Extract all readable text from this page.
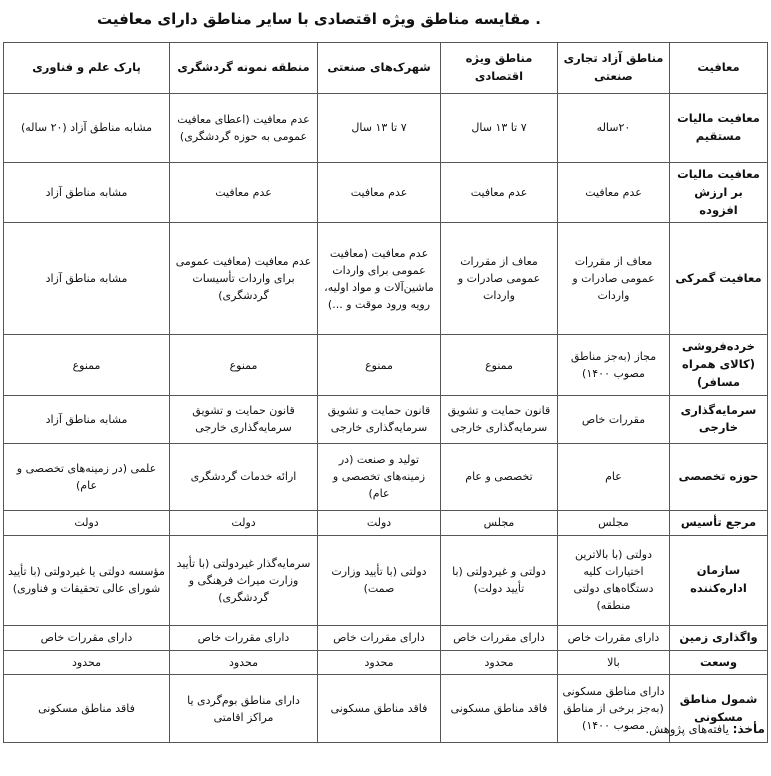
. مقایسه مناطق ویژه اقتصادی با سایر مناطق دارای معافیت
معافیت	مناطق آزاد تجاری صنعتی	مناطق ویژه اقتصادی	شهرک‌های صنعتی	منطقه نمونه گردشگری	پارک علم و فناوری
معافیت مالیات مستقیم	۲۰ساله	۷ تا ۱۳ سال	۷ تا ۱۳ سال	عدم معافیت (اعطای معافیت عمومی به حوزه گردشگری)	مشابه مناطق آزاد (۲۰ ساله)
معافیت مالیات بر ارزش افزوده	عدم معافیت	عدم معافیت	عدم معافیت	عدم معافیت	مشابه مناطق آزاد
معافیت گمرکی	معاف از مقررات عمومی صادرات و واردات	معاف از مقررات عمومی صادرات و واردات	عدم معافیت (معافیت عمومی برای واردات ماشین‌آلات و مواد اولیه، رویه ورود موقت و ...)	عدم معافیت (معافیت عمومی برای واردات تأسیسات گردشگری)	مشابه مناطق آزاد
خرده‌فروشی (کالای همراه مسافر)	مجاز (به‌جز مناطق مصوب ۱۴۰۰)	ممنوع	ممنوع	ممنوع	ممنوع
سرمایه‌گذاری خارجی	مقررات خاص	قانون حمایت و تشویق سرمایه‌گذاری خارجی	قانون حمایت و تشویق سرمایه‌گذاری خارجی	قانون حمایت و تشویق سرمایه‌گذاری خارجی	مشابه مناطق آزاد
حوزه تخصصی	عام	تخصصی و عام	تولید و صنعت (در زمینه‌های تخصصی و عام)	ارائه خدمات گردشگری	علمی (در زمینه‌های تخصصی و عام)
مرجع تأسیس	مجلس	مجلس	دولت	دولت	دولت
سازمان اداره‌کننده	دولتی (با بالاترین اختیارات کلیه دستگاه‌های دولتی منطقه)	دولتی و غیردولتی (با تأیید دولت)	دولتی (با تأیید وزارت صمت)	سرمایه‌گذار غیردولتی (با تأیید وزارت میراث فرهنگی و گردشگری)	مؤسسه دولتی یا غیردولتی (با تأیید شورای عالی تحقیقات و فناوری)
واگذاری زمین	دارای مقررات خاص	دارای مقررات خاص	دارای مقررات خاص	دارای مقررات خاص	دارای مقررات خاص
وسعت	بالا	محدود	محدود	محدود	محدود
شمول مناطق مسکونی	دارای مناطق مسکونی (به‌جز برخی از مناطق مصوب ۱۴۰۰)	فاقد مناطق مسکونی	فاقد مناطق مسکونی	دارای مناطق بوم‌گردی یا مراکز اقامتی	فاقد مناطق مسکونی
مأخذ: یافته‌های پژوهش.
